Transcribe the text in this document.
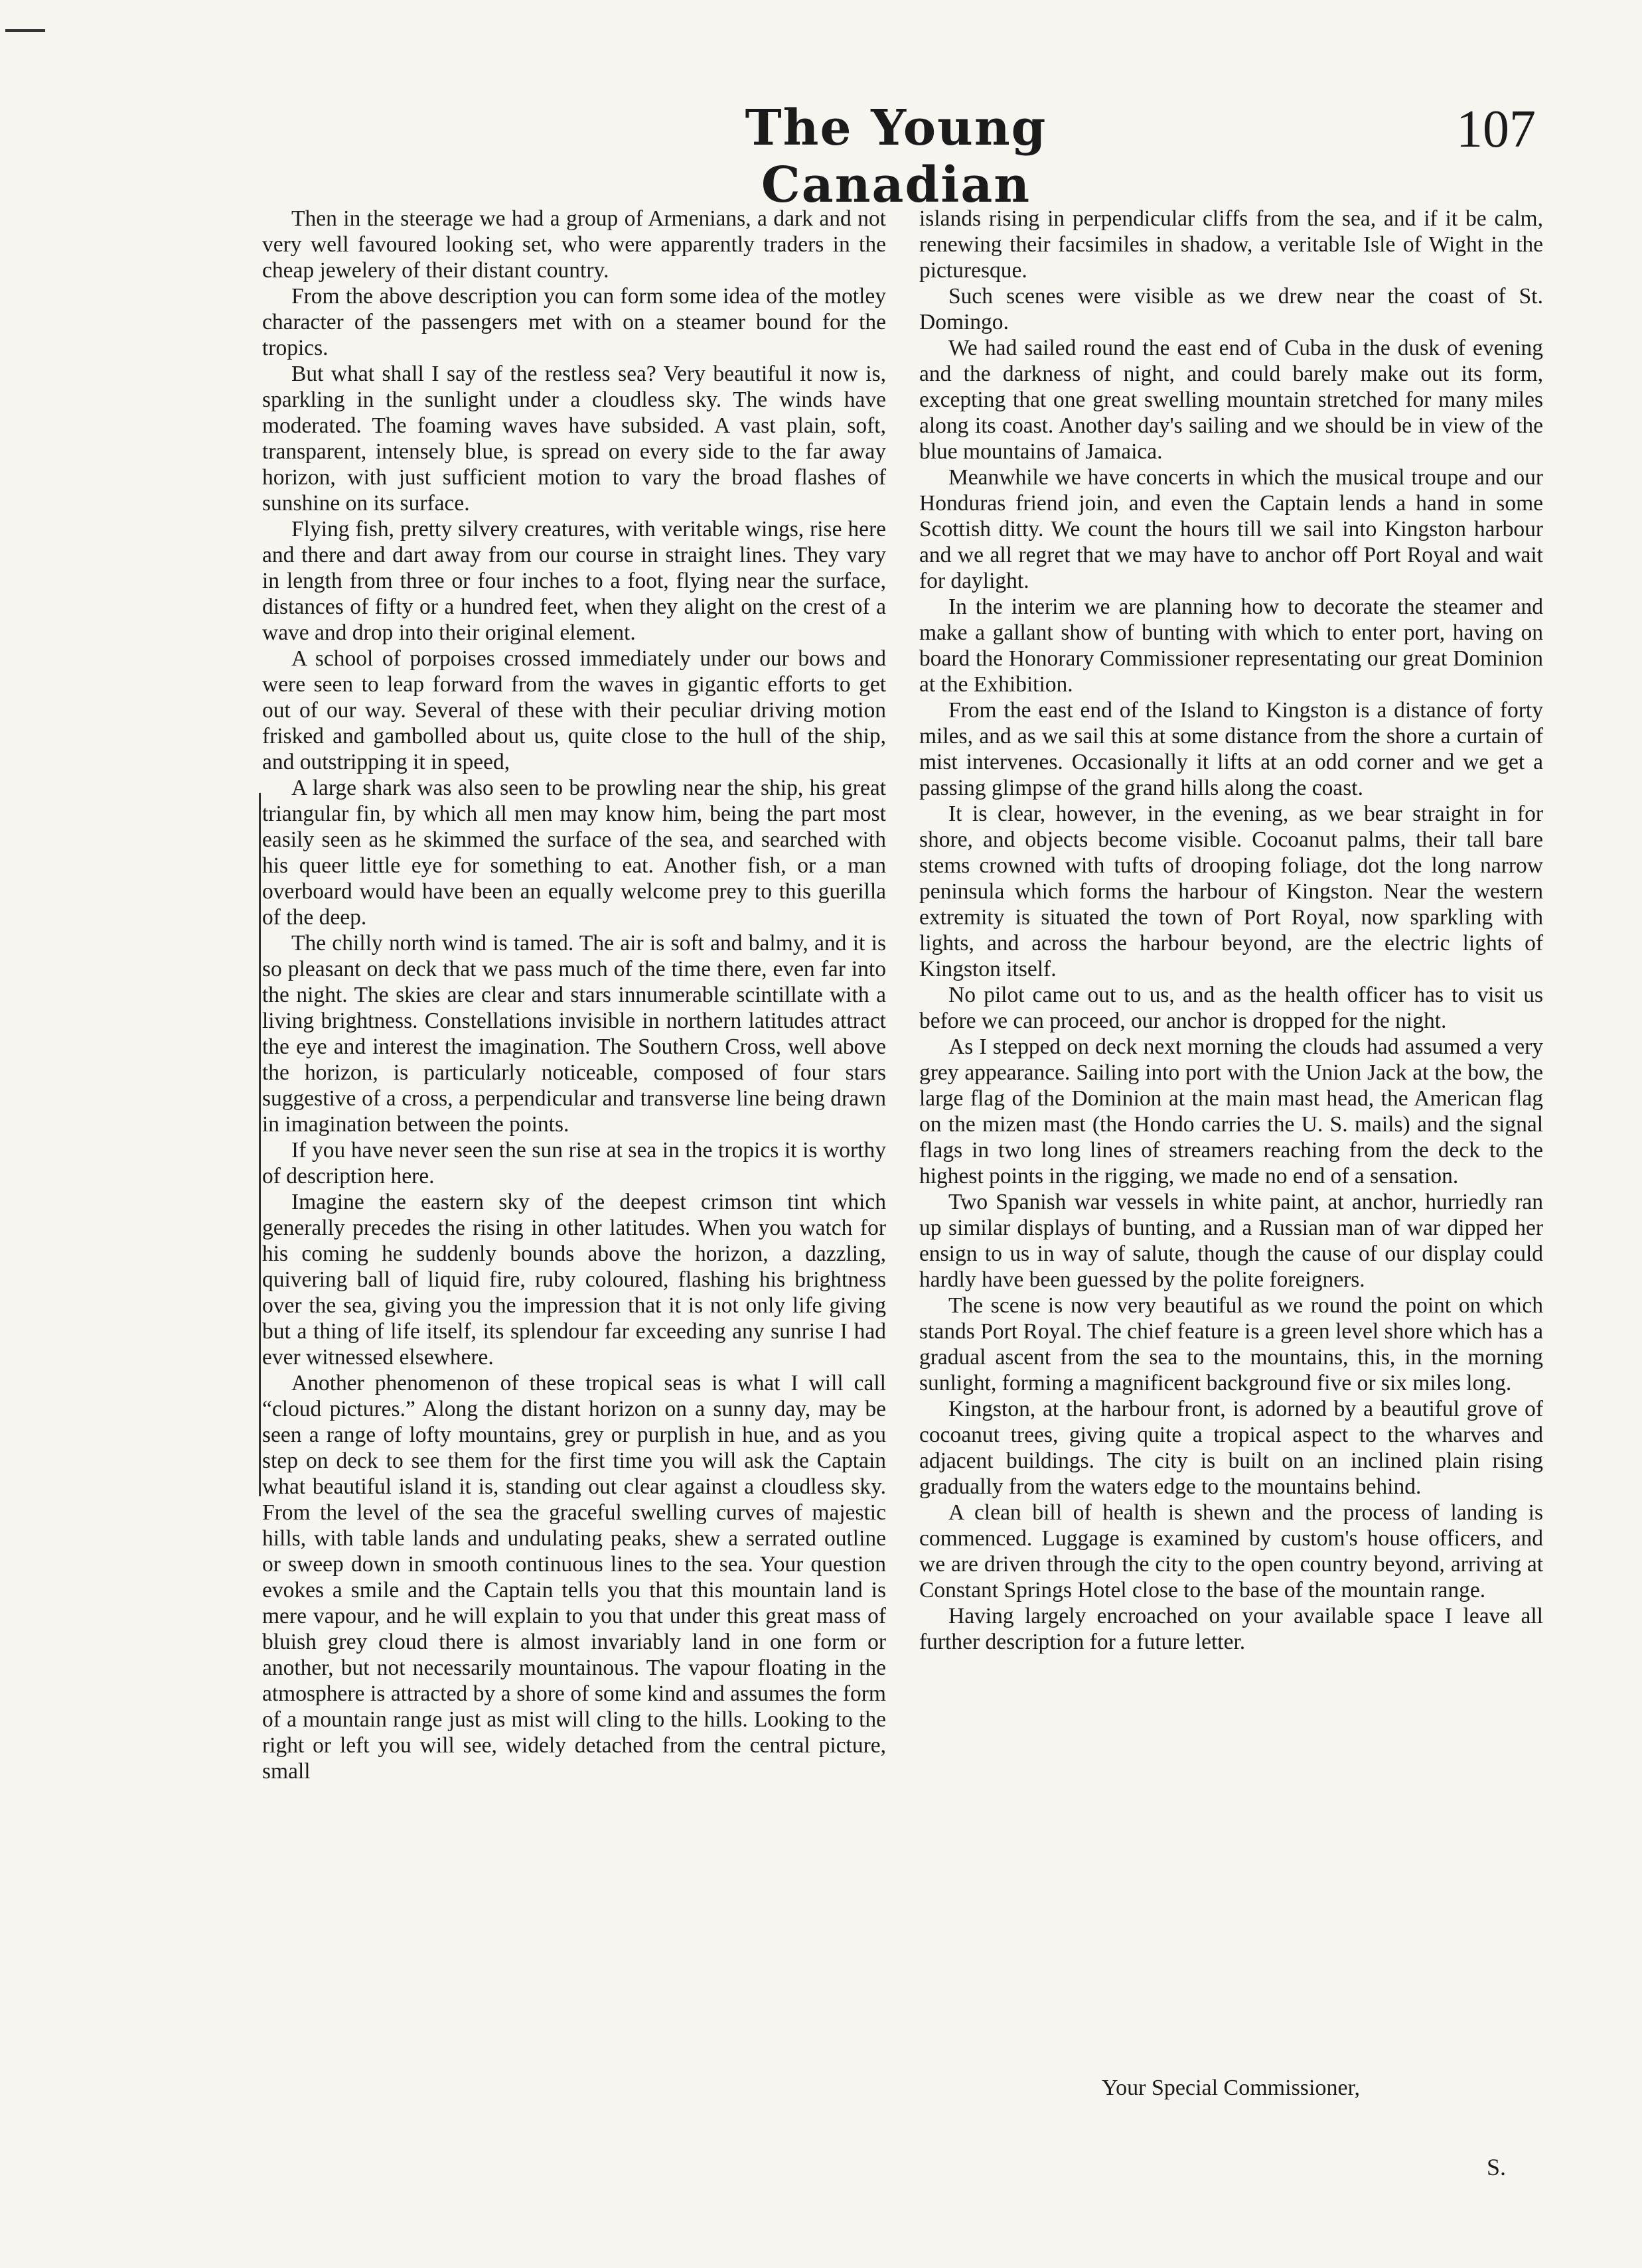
The Young Canadian
107

Then in the steerage we had a group of Armenians, a dark and not very well favoured looking set, who were apparently traders in the cheap jewelery of their distant country.

From the above description you can form some idea of the motley character of the passengers met with on a steamer bound for the tropics.

But what shall I say of the restless sea? Very beautiful it now is, sparkling in the sunlight under a cloudless sky. The winds have moderated. The foaming waves have subsided. A vast plain, soft, transparent, intensely blue, is spread on every side to the far away horizon, with just sufficient motion to vary the broad flashes of sunshine on its surface.

Flying fish, pretty silvery creatures, with veritable wings, rise here and there and dart away from our course in straight lines. They vary in length from three or four inches to a foot, flying near the surface, distances of fifty or a hundred feet, when they alight on the crest of a wave and drop into their original element.

A school of porpoises crossed immediately under our bows and were seen to leap forward from the waves in gigantic efforts to get out of our way. Several of these with their peculiar driving motion frisked and gambolled about us, quite close to the hull of the ship, and outstripping it in speed,

A large shark was also seen to be prowling near the ship, his great triangular fin, by which all men may know him, being the part most easily seen as he skimmed the surface of the sea, and searched with his queer little eye for something to eat. Another fish, or a man overboard would have been an equally welcome prey to this guerilla of the deep.

The chilly north wind is tamed. The air is soft and balmy, and it is so pleasant on deck that we pass much of the time there, even far into the night. The skies are clear and stars innumerable scintillate with a living brightness. Constellations invisible in northern latitudes attract the eye and interest the imagination. The Southern Cross, well above the horizon, is particularly noticeable, composed of four stars suggestive of a cross, a perpendicular and transverse line being drawn in imagination between the points.

If you have never seen the sun rise at sea in the tropics it is worthy of description here.

Imagine the eastern sky of the deepest crimson tint which generally precedes the rising in other latitudes. When you watch for his coming he suddenly bounds above the horizon, a dazzling, quivering ball of liquid fire, ruby coloured, flashing his brightness over the sea, giving you the impression that it is not only life giving but a thing of life itself, its splendour far exceeding any sunrise I had ever witnessed elsewhere.

Another phenomenon of these tropical seas is what I will call “cloud pictures.” Along the distant horizon on a sunny day, may be seen a range of lofty mountains, grey or purplish in hue, and as you step on deck to see them for the first time you will ask the Captain what beautiful island it is, standing out clear against a cloudless sky. From the level of the sea the graceful swelling curves of majestic hills, with table lands and undulating peaks, shew a serrated outline or sweep down in smooth continuous lines to the sea. Your question evokes a smile and the Captain tells you that this mountain land is mere vapour, and he will explain to you that under this great mass of bluish grey cloud there is almost invariably land in one form or another, but not necessarily mountainous. The vapour floating in the atmosphere is attracted by a shore of some kind and assumes the form of a mountain range just as mist will cling to the hills. Looking to the right or left you will see, widely detached from the central picture, small

islands rising in perpendicular cliffs from the sea, and if it be calm, renewing their facsimiles in shadow, a veritable Isle of Wight in the picturesque.

Such scenes were visible as we drew near the coast of St. Domingo.

We had sailed round the east end of Cuba in the dusk of evening and the darkness of night, and could barely make out its form, excepting that one great swelling mountain stretched for many miles along its coast. Another day's sailing and we should be in view of the blue mountains of Jamaica.

Meanwhile we have concerts in which the musical troupe and our Honduras friend join, and even the Captain lends a hand in some Scottish ditty. We count the hours till we sail into Kingston harbour and we all regret that we may have to anchor off Port Royal and wait for daylight.

In the interim we are planning how to decorate the steamer and make a gallant show of bunting with which to enter port, having on board the Honorary Commissioner representating our great Dominion at the Exhibition.

From the east end of the Island to Kingston is a distance of forty miles, and as we sail this at some distance from the shore a curtain of mist intervenes. Occasionally it lifts at an odd corner and we get a passing glimpse of the grand hills along the coast.

It is clear, however, in the evening, as we bear straight in for shore, and objects become visible. Cocoanut palms, their tall bare stems crowned with tufts of drooping foliage, dot the long narrow peninsula which forms the harbour of Kingston. Near the western extremity is situated the town of Port Royal, now sparkling with lights, and across the harbour beyond, are the electric lights of Kingston itself.

No pilot came out to us, and as the health officer has to visit us before we can proceed, our anchor is dropped for the night.

As I stepped on deck next morning the clouds had assumed a very grey appearance. Sailing into port with the Union Jack at the bow, the large flag of the Dominion at the main mast head, the American flag on the mizen mast (the Hondo carries the U. S. mails) and the signal flags in two long lines of streamers reaching from the deck to the highest points in the rigging, we made no end of a sensation.

Two Spanish war vessels in white paint, at anchor, hurriedly ran up similar displays of bunting, and a Russian man of war dipped her ensign to us in way of salute, though the cause of our display could hardly have been guessed by the polite foreigners.

The scene is now very beautiful as we round the point on which stands Port Royal. The chief feature is a green level shore which has a gradual ascent from the sea to the mountains, this, in the morning sunlight, forming a magnificent background five or six miles long.

Kingston, at the harbour front, is adorned by a beautiful grove of cocoanut trees, giving quite a tropical aspect to the wharves and adjacent buildings. The city is built on an inclined plain rising gradually from the waters edge to the mountains behind.

A clean bill of health is shewn and the process of landing is commenced. Luggage is examined by custom's house officers, and we are driven through the city to the open country beyond, arriving at Constant Springs Hotel close to the base of the mountain range.

Having largely encroached on your available space I leave all further description for a future letter.

Your Special Commissioner,
S.
